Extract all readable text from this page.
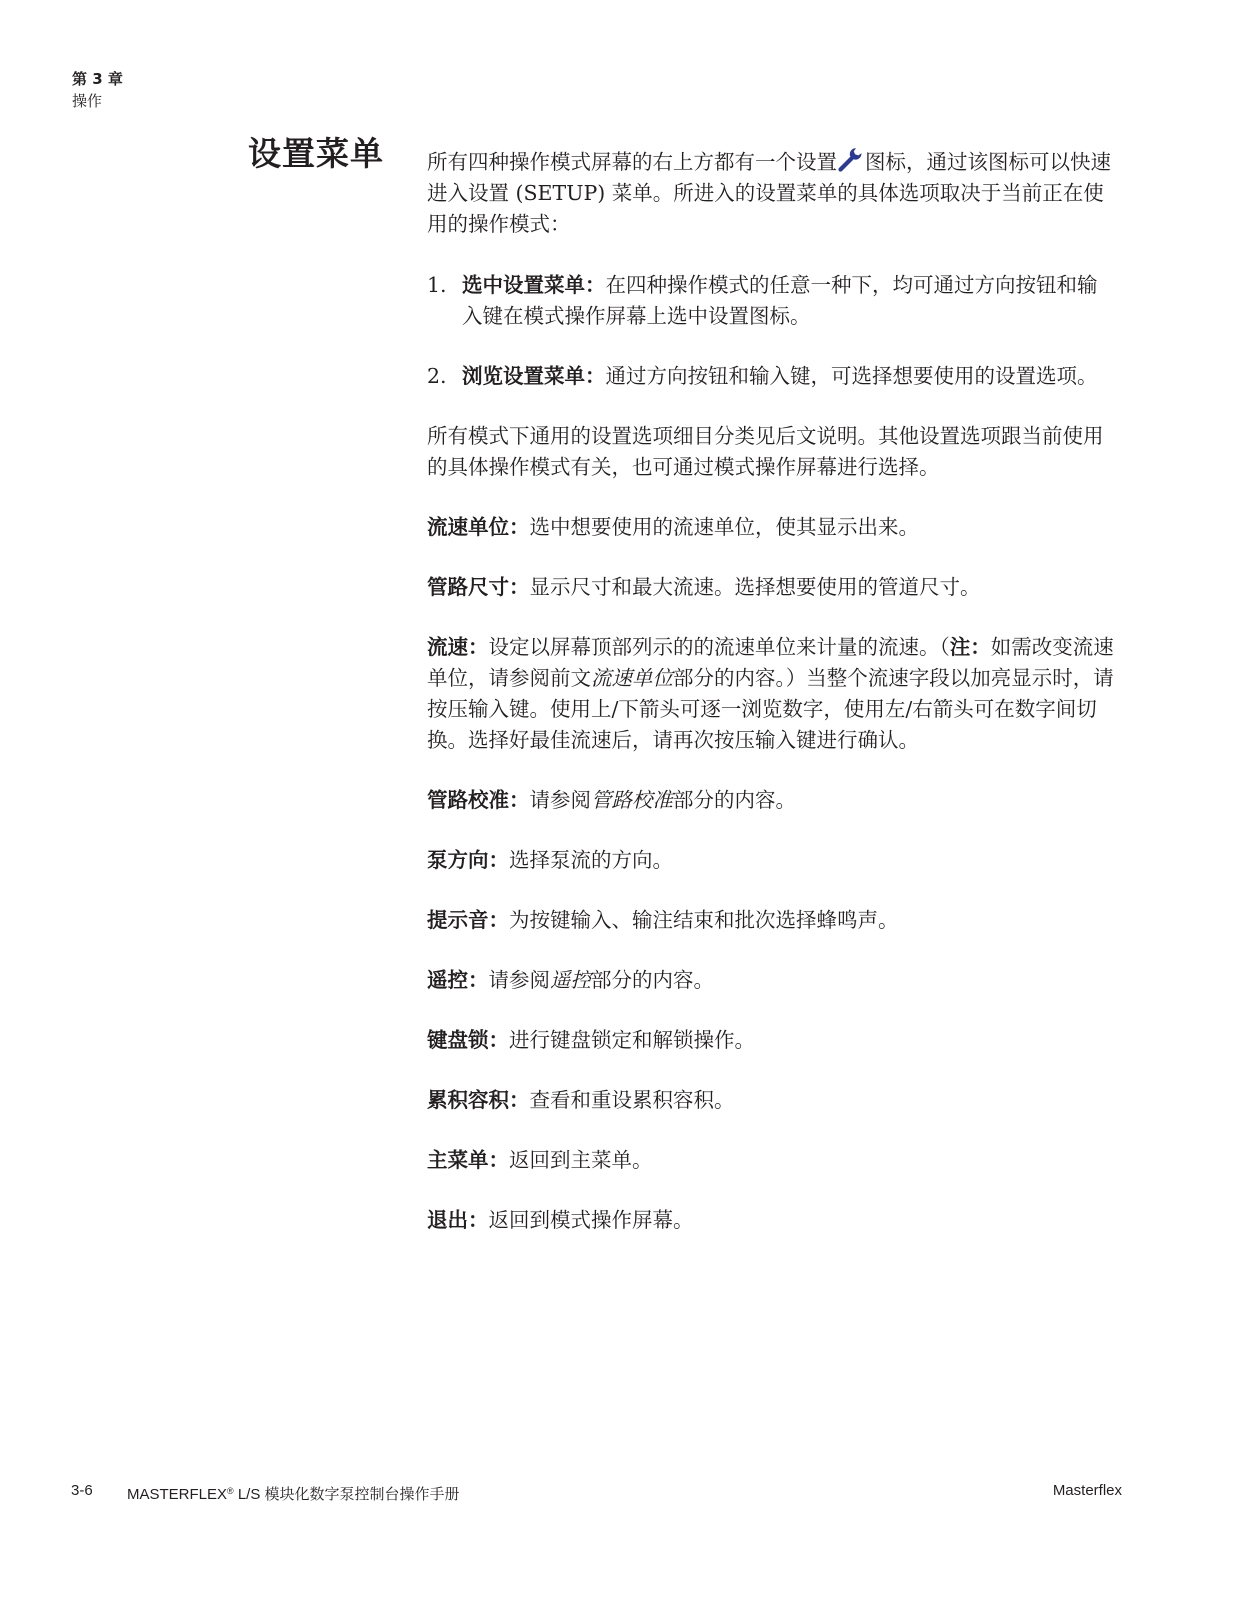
第 3 章
操作
设置菜单 所有四种操作模式屏幕的右上方都有一个设置 图标，通过该图标可以快速进入设置 (SETUP) 菜单。所进入的设置菜单的具体选项取决于当前正在使用的操作模式：

1. 选中设置菜单：在四种操作模式的任意一种下，均可通过方向按钮和输入键在模式操作屏幕上选中设置图标。
2. 浏览设置菜单：通过方向按钮和输入键，可选择想要使用的设置选项。

所有模式下通用的设置选项细目分类见后文说明。其他设置选项跟当前使用的具体操作模式有关，也可通过模式操作屏幕进行选择。

流速单位：选中想要使用的流速单位，使其显示出来。

管路尺寸：显示尺寸和最大流速。选择想要使用的管道尺寸。

流速：设定以屏幕顶部列示的的流速单位来计量的流速。（注：如需改变流速单位，请参阅前文流速单位部分的内容。）当整个流速字段以加亮显示时，请按压输入键。使用上/下箭头可逐一浏览数字，使用左/右箭头可在数字间切换。选择好最佳流速后，请再次按压输入键进行确认。

管路校准：请参阅管路校准部分的内容。

泵方向：选择泵流的方向。

提示音：为按键输入、输注结束和批次选择蜂鸣声。

遥控：请参阅遥控部分的内容。

键盘锁：进行键盘锁定和解锁操作。

累积容积：查看和重设累积容积。

主菜单：返回到主菜单。

退出：返回到模式操作屏幕。

3-6 MASTERFLEX® L/S 模块化数字泵控制台操作手册	Masterflex
